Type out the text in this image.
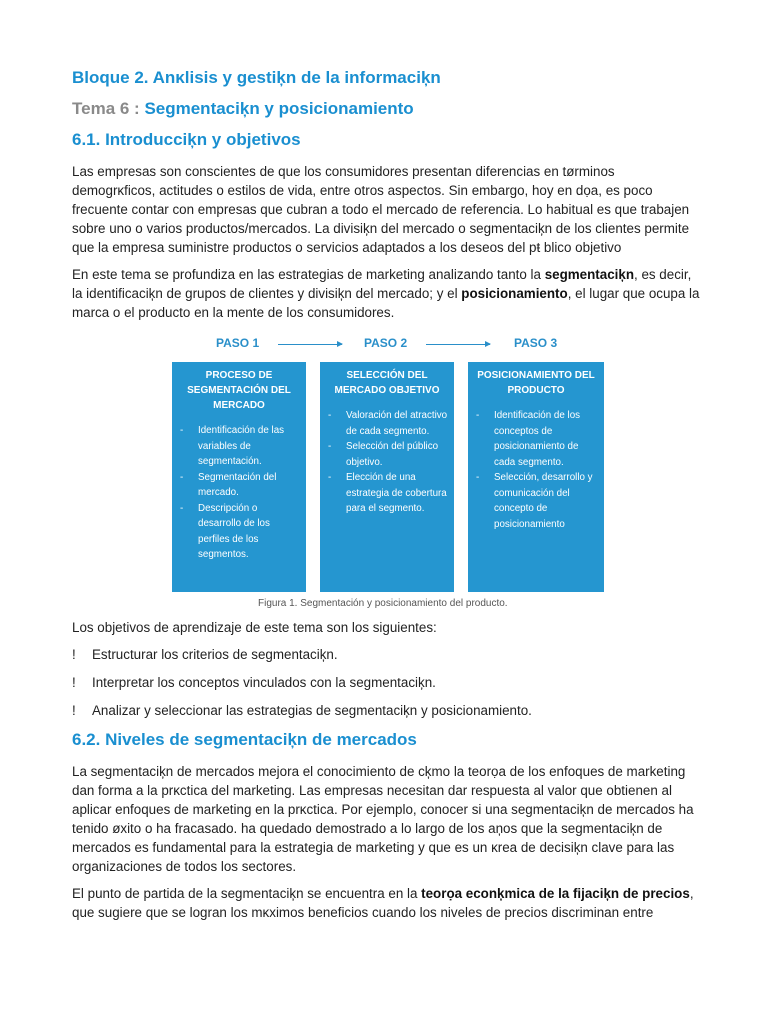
Bloque 2. Anκlisis y gestiķn de la informaciķn
Tema 6 : Segmentaciķn y posicionamiento
6.1. Introducciķn y objetivos

Las empresas son conscientes de que los consumidores presentan diferencias en tørminos demogrκficos, actitudes o estilos de vida, entre otros aspectos. Sin embargo, hoy en dọa, es poco frecuente contar con empresas que cubran a todo el mercado de referencia. Lo habitual es que trabajen sobre uno o varios productos/mercados. La divisiķn del mercado o segmentaciķn de los clientes permite que la empresa suministre productos o servicios adaptados a los deseos del pŧ blico objetivo

En este tema se profundiza en las estrategias de marketing analizando tanto la segmentaciķn, es decir, la identificaciķn de grupos de clientes y divisiķn del mercado; y el posicionamiento, el lugar que ocupa la marca o el producto en la mente de los consumidores.

PASO 1	PASO 2	PASO 3
PROCESO DE SEGMENTACIÓN DEL MERCADO
- Identificación de las variables de segmentación.
- Segmentación del mercado.
- Descripción o desarrollo de los perfiles de los segmentos.
SELECCIÓN DEL MERCADO OBJETIVO
- Valoración del atractivo de cada segmento.
- Selección del público objetivo.
- Elección de una estrategia de cobertura para el segmento.
POSICIONAMIENTO DEL PRODUCTO
- Identificación de los conceptos de posicionamiento de cada segmento.
- Selección, desarrollo y comunicación del concepto de posicionamiento
Figura 1. Segmentación y posicionamiento del producto.

Los objetivos de aprendizaje de este tema son los siguientes:

! Estructurar los criterios de segmentaciķn.
! Interpretar los conceptos vinculados con la segmentaciķn.
! Analizar y seleccionar las estrategias de segmentaciķn y posicionamiento.
6.2. Niveles de segmentaciķn de mercados

La segmentaciķn de mercados mejora el conocimiento de cķmo la teorọa de los enfoques de marketing dan forma a la prκctica del marketing. Las empresas necesitan dar respuesta al valor que obtienen al aplicar enfoques de marketing en la prκctica. Por ejemplo, conocer si una segmentaciķn de mercados ha tenido øxito o ha fracasado. ha quedado demostrado a lo largo de los aņos que la segmentaciķn de mercados es fundamental para la estrategia de marketing y que es un κrea de decisiķn clave para las organizaciones de todos los sectores.

El punto de partida de la segmentaciķn se encuentra en la teorọa econķmica de la fijaciķn de precios, que sugiere que se logran los mκximos beneficios cuando los niveles de precios discriminan entre
